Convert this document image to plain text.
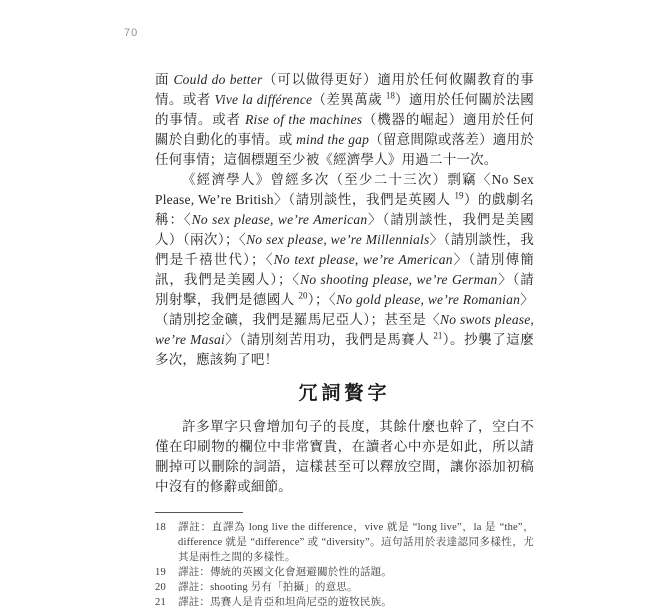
70

面 Could do better（可以做得更好）適用於任何攸關教育的事情。或者 Vive la différence（差異萬歲 $^{18}$）適用於任何關於法國的事情。或者 Rise of the machines（機器的崛起）適用於任何關於自動化的事情。或 mind the gap（留意間隙或落差）適用於任何事情；這個標題至少被《經濟學人》用過二十一次。

《經濟學人》曾經多次（至少二十三次）剽竊〈No Sex Please, We’re British〉（請別談性，我們是英國人 $^{19}$）的戲劇名稱：〈No sex please, we’re American〉（請別談性，我們是美國人）（兩次）；〈No sex please, we’re Millennials〉（請別談性，我們是千禧世代）；〈No text please, we’re American〉（請別傳簡訊，我們是美國人）；〈No shooting please, we’re German〉（請別射擊，我們是德國人 $^{20}$）；〈No gold please, we’re Romanian〉（請別挖金礦，我們是羅馬尼亞人）；甚至是〈No swots please, we’re Masai〉（請別刻苦用功，我們是馬賽人 $^{21}$）。抄襲了這麼多次，應該夠了吧！

冗詞贅字

許多單字只會增加句子的長度，其餘什麼也幹了，空白不僅在印刷物的欄位中非常寶貴，在讀者心中亦是如此，所以請刪掉可以刪除的詞語，這樣甚至可以釋放空間，讓你添加初稿中沒有的修辭或細節。

18	譯註：直譯為 long live the difference，vive 就是 “long live”，la 是 “the”，difference 就是 “difference” 或 “diversity”。這句話用於表達認同多樣性，尤其是兩性之間的多樣性。
19	譯註：傳統的英國文化會迴避關於性的話題。
20	譯註：shooting 另有「拍攝」的意思。
21	譯註：馬賽人是肯亞和坦尚尼亞的遊牧民族。
